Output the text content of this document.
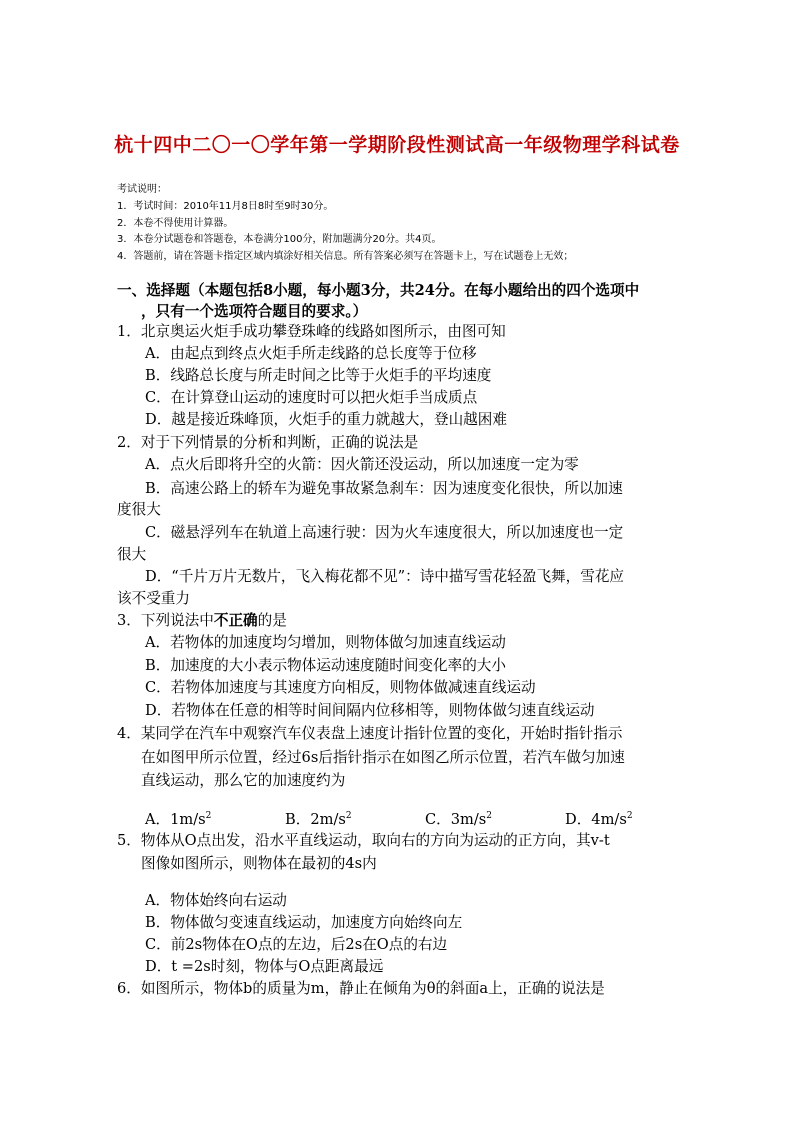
杭十四中二〇一〇学年第一学期阶段性测试高一年级物理学科试卷
考试说明：
1．考试时间：2010年11月8日8时至9时30分。
2．本卷不得使用计算器。
3．本卷分试题卷和答题卷，本卷满分100分，附加题满分20分。共4页。
4．答题前，请在答题卡指定区域内填涂好相关信息。所有答案必须写在答题卡上，写在试题卷上无效；
一、选择题（本题包括8小题，每小题3分，共24分。在每小题给出的四个选项中
，只有一个选项符合题目的要求。）
1．北京奥运火炬手成功攀登珠峰的线路如图所示，由图可知
A．由起点到终点火炬手所走线路的总长度等于位移
B．线路总长度与所走时间之比等于火炬手的平均速度
C．在计算登山运动的速度时可以把火炬手当成质点
D．越是接近珠峰顶，火炬手的重力就越大，登山越困难
2．对于下列情景的分析和判断，正确的说法是
A．点火后即将升空的火箭：因火箭还没运动，所以加速度一定为零
B．高速公路上的轿车为避免事故紧急刹车：因为速度变化很快，所以加速
度很大
C．磁悬浮列车在轨道上高速行驶：因为火车速度很大，所以加速度也一定
很大
D．“千片万片无数片，飞入梅花都不见”：诗中描写雪花轻盈飞舞，雪花应
该不受重力
3．下列说法中不正确的是
A．若物体的加速度均匀增加，则物体做匀加速直线运动
B．加速度的大小表示物体运动速度随时间变化率的大小
C．若物体加速度与其速度方向相反，则物体做减速直线运动
D．若物体在任意的相等时间间隔内位移相等，则物体做匀速直线运动
4．某同学在汽车中观察汽车仪表盘上速度计指针位置的变化，开始时指针指示
在如图甲所示位置，经过6s后指针指示在如图乙所示位置，若汽车做匀加速
直线运动，那么它的加速度约为
A．$1m/s^2$	B．$2m/s^2$	C．$3m/s^2$	D．$4m/s^2$
5．物体从O点出发，沿水平直线运动，取向右的方向为运动的正方向，其v-t
图像如图所示，则物体在最初的4s内
A．物体始终向右运动
B．物体做匀变速直线运动，加速度方向始终向左
C．前2s物体在O点的左边，后2s在O点的右边
D．t =2s时刻，物体与O点距离最远
6．如图所示，物体b的质量为m，静止在倾角为θ的斜面a上，正确的说法是
